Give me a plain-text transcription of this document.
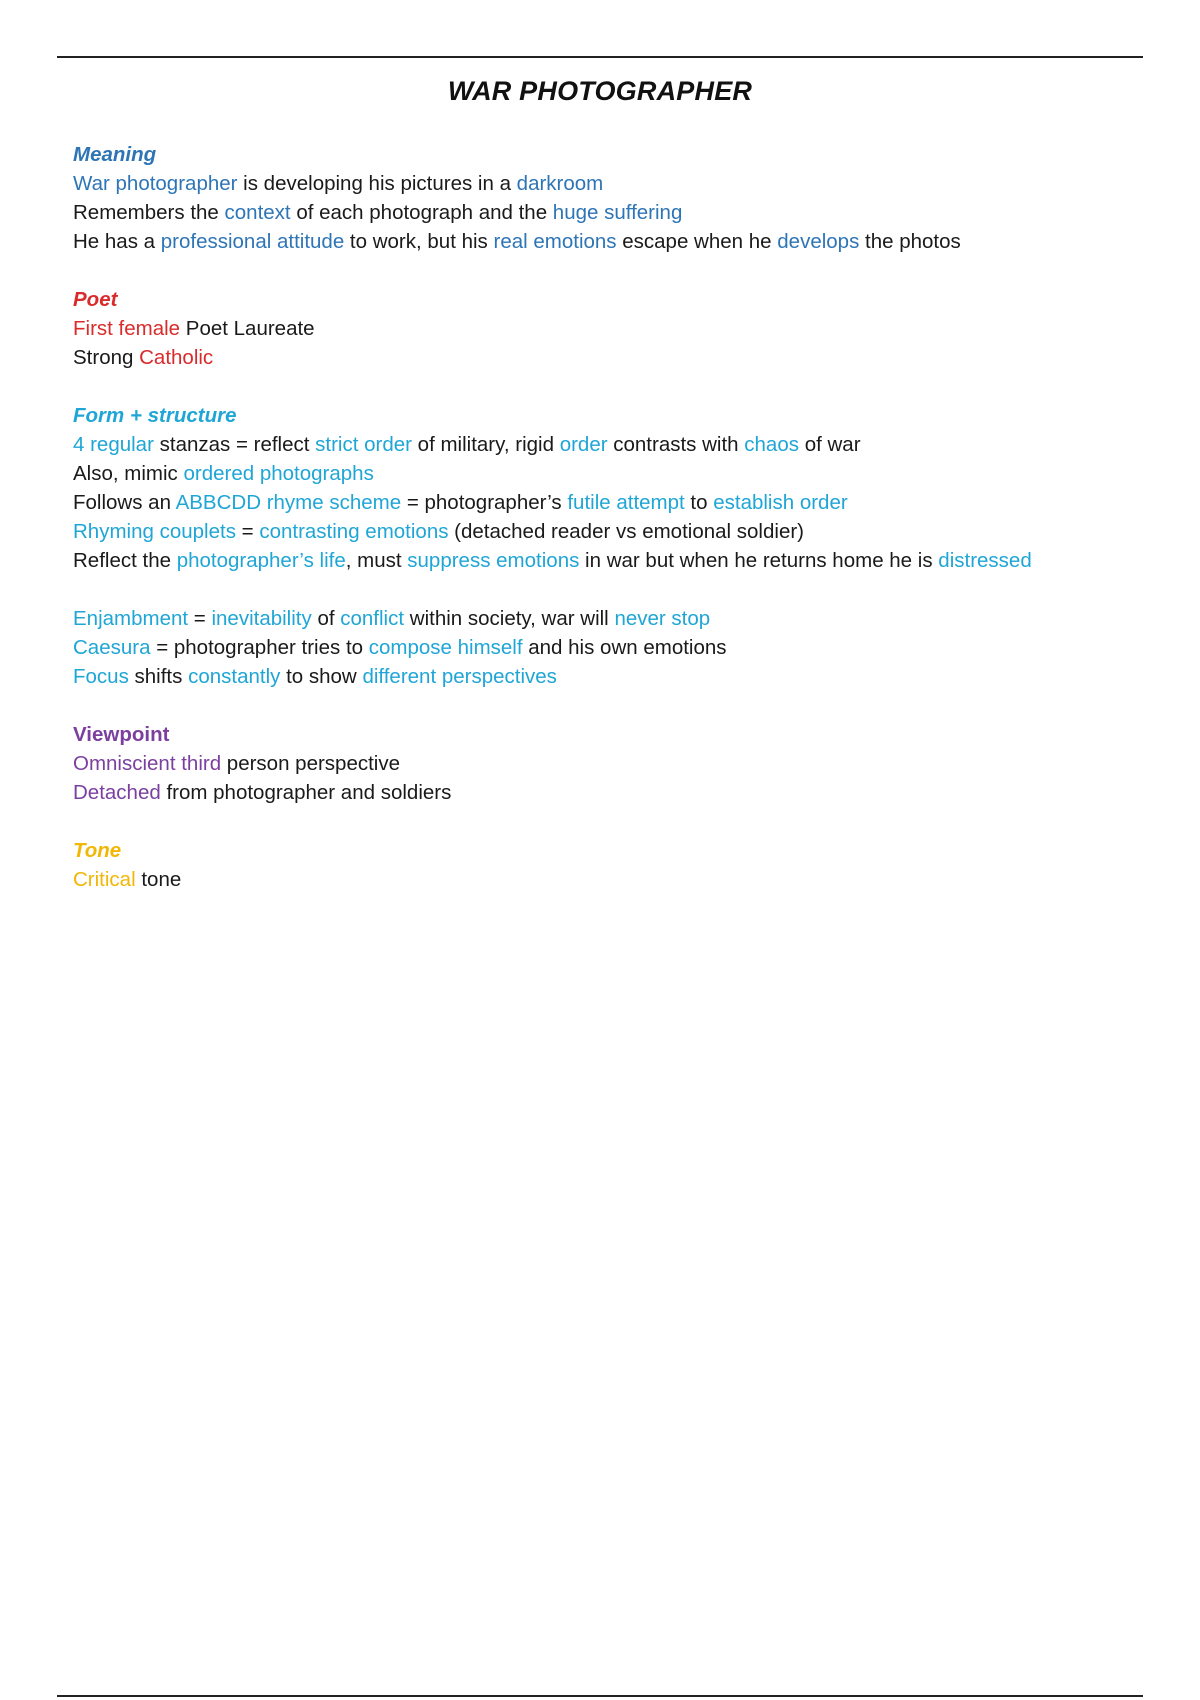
WAR PHOTOGRAPHER
Meaning
War photographer is developing his pictures in a darkroom
Remembers the context of each photograph and the huge suffering
He has a professional attitude to work, but his real emotions escape when he develops the photos
Poet
First female Poet Laureate
Strong Catholic
Form + structure
4 regular stanzas = reflect strict order of military, rigid order contrasts with chaos of war
Also, mimic ordered photographs
Follows an ABBCDD rhyme scheme = photographer’s futile attempt to establish order
Rhyming couplets = contrasting emotions (detached reader vs emotional soldier)
Reflect the photographer’s life, must suppress emotions in war but when he returns home he is distressed
Enjambment = inevitability of conflict within society, war will never stop
Caesura = photographer tries to compose himself and his own emotions
Focus shifts constantly to show different perspectives
Viewpoint
Omniscient third person perspective
Detached from photographer and soldiers
Tone
Critical tone
